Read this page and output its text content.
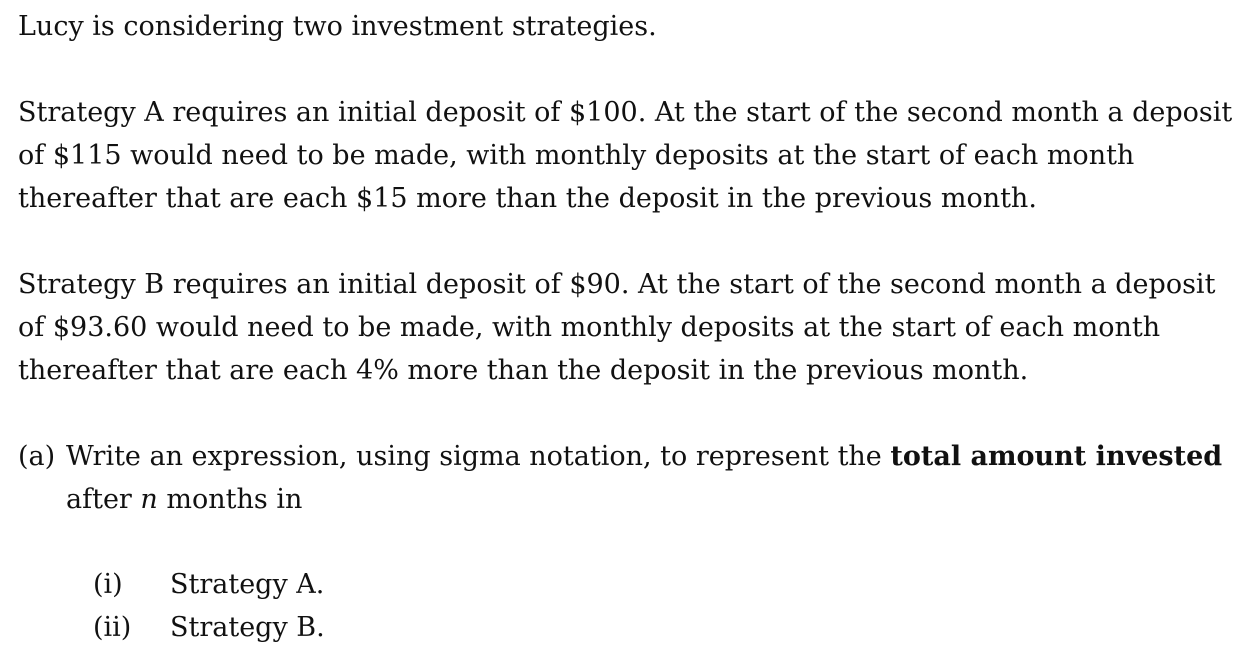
Lucy is considering two investment strategies.

Strategy A requires an initial deposit of $100. At the start of the second month a deposit of $115 would need to be made, with monthly deposits at the start of each month thereafter that are each $15 more than the deposit in the previous month.

Strategy B requires an initial deposit of $90. At the start of the second month a deposit of $93.60 would need to be made, with monthly deposits at the start of each month thereafter that are each 4% more than the deposit in the previous month.

(a) Write an expression, using sigma notation, to represent the total amount invested
after n months in
(i)	Strategy A.
(ii)	Strategy B.
